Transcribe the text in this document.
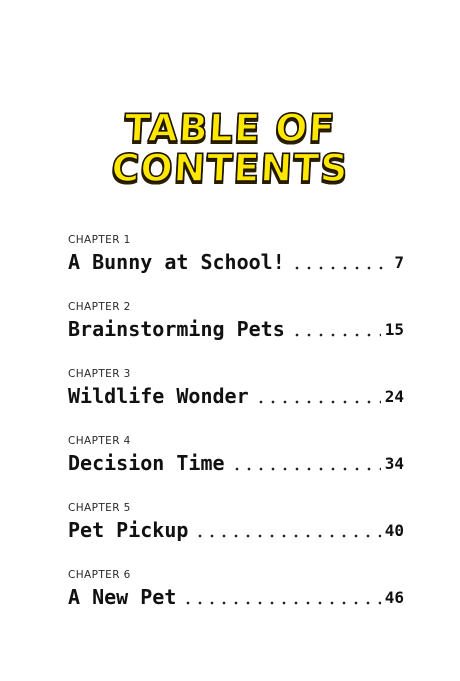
TABLE OF
CONTENTS
CHAPTER 1
A Bunny at School!	7
CHAPTER 2
Brainstorming Pets	15
CHAPTER 3
Wildlife Wonder	24
CHAPTER 4
Decision Time	34
CHAPTER 5
Pet Pickup	40
CHAPTER 6
A New Pet	46
